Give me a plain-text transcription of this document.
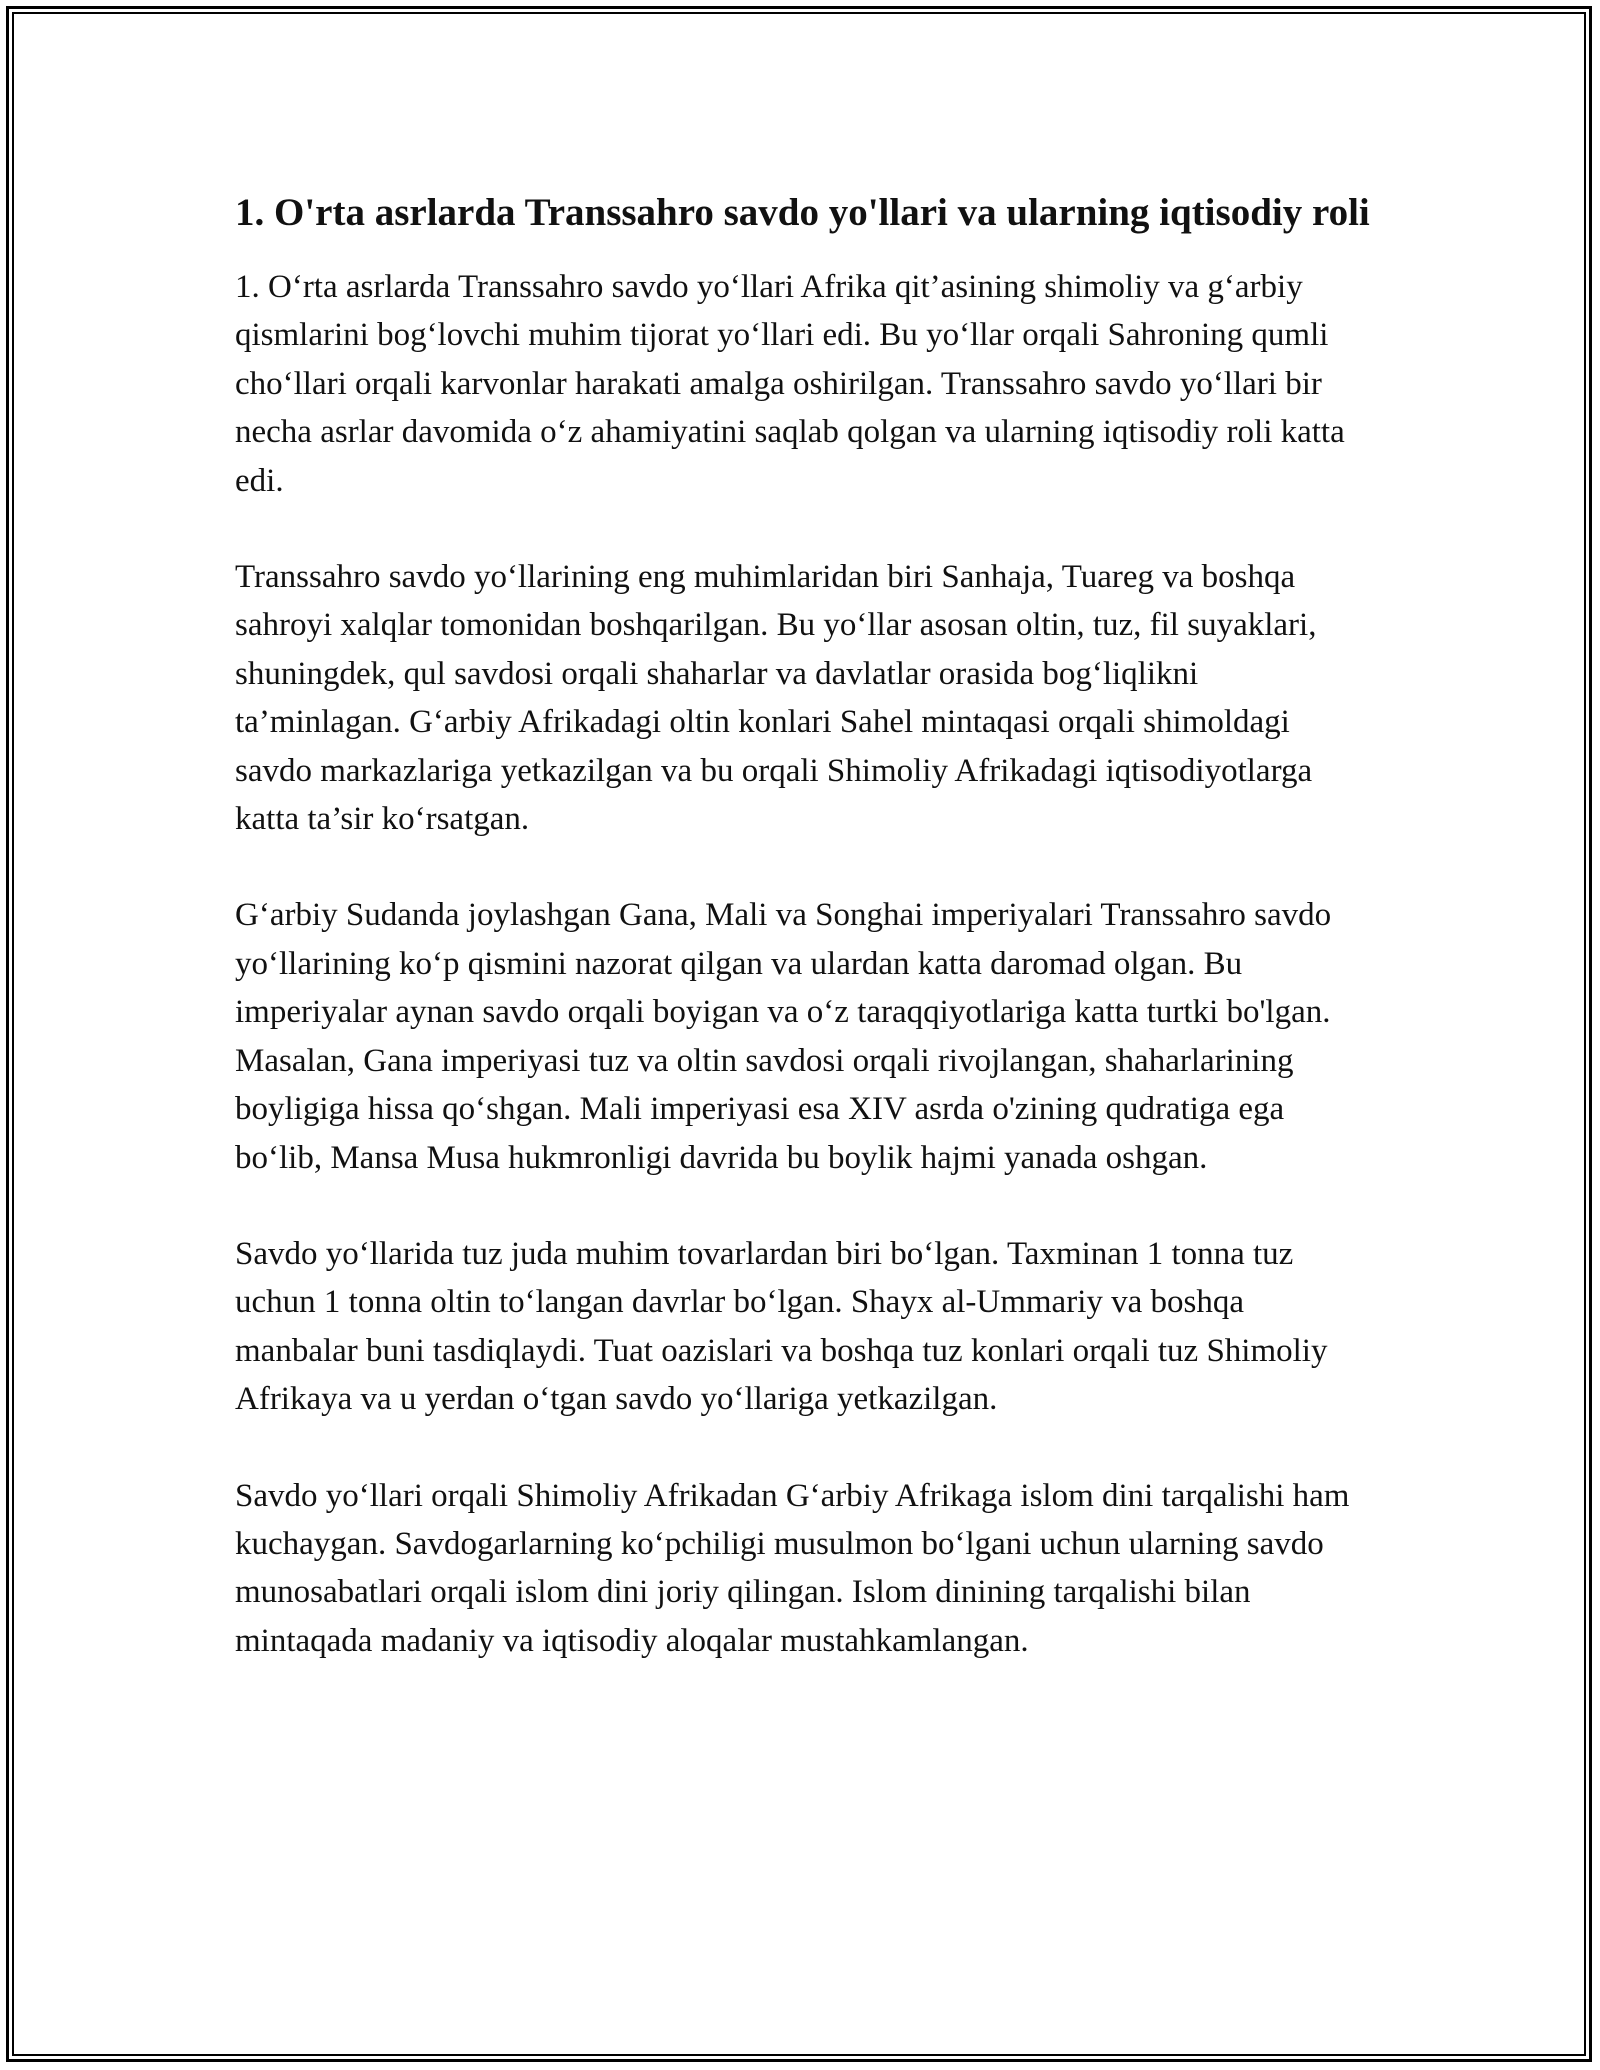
1. O'rta asrlarda Transsahro savdo yo'llari va ularning iqtisodiy roli

1. O‘rta asrlarda Transsahro savdo yo‘llari Afrika qit’asining shimoliy va g‘arbiy qismlarini bog‘lovchi muhim tijorat yo‘llari edi. Bu yo‘llar orqali Sahroning qumli cho‘llari orqali karvonlar harakati amalga oshirilgan. Transsahro savdo yo‘llari bir necha asrlar davomida o‘z ahamiyatini saqlab qolgan va ularning iqtisodiy roli katta edi.

Transsahro savdo yo‘llarining eng muhimlaridan biri Sanhaja, Tuareg va boshqa sahroyi xalqlar tomonidan boshqarilgan. Bu yo‘llar asosan oltin, tuz, fil suyaklari, shuningdek, qul savdosi orqali shaharlar va davlatlar orasida bog‘liqlikni ta’minlagan. G‘arbiy Afrikadagi oltin konlari Sahel mintaqasi orqali shimoldagi savdo markazlariga yetkazilgan va bu orqali Shimoliy Afrikadagi iqtisodiyotlarga katta ta’sir ko‘rsatgan.

G‘arbiy Sudanda joylashgan Gana, Mali va Songhai imperiyalari Transsahro savdo yo‘llarining ko‘p qismini nazorat qilgan va ulardan katta daromad olgan. Bu imperiyalar aynan savdo orqali boyigan va o‘z taraqqiyotlariga katta turtki bo'lgan. Masalan, Gana imperiyasi tuz va oltin savdosi orqali rivojlangan, shaharlarining boyligiga hissa qo‘shgan. Mali imperiyasi esa XIV asrda o'zining qudratiga ega bo‘lib, Mansa Musa hukmronligi davrida bu boylik hajmi yanada oshgan.

Savdo yo‘llarida tuz juda muhim tovarlardan biri bo‘lgan. Taxminan 1 tonna tuz uchun 1 tonna oltin to‘langan davrlar bo‘lgan. Shayx al-Ummariy va boshqa manbalar buni tasdiqlaydi. Tuat oazislari va boshqa tuz konlari orqali tuz Shimoliy Afrikaya va u yerdan o‘tgan savdo yo‘llariga yetkazilgan.

Savdo yo‘llari orqali Shimoliy Afrikadan G‘arbiy Afrikaga islom dini tarqalishi ham kuchaygan. Savdogarlarning ko‘pchiligi musulmon bo‘lgani uchun ularning savdo munosabatlari orqali islom dini joriy qilingan. Islom dinining tarqalishi bilan mintaqada madaniy va iqtisodiy aloqalar mustahkamlangan.
